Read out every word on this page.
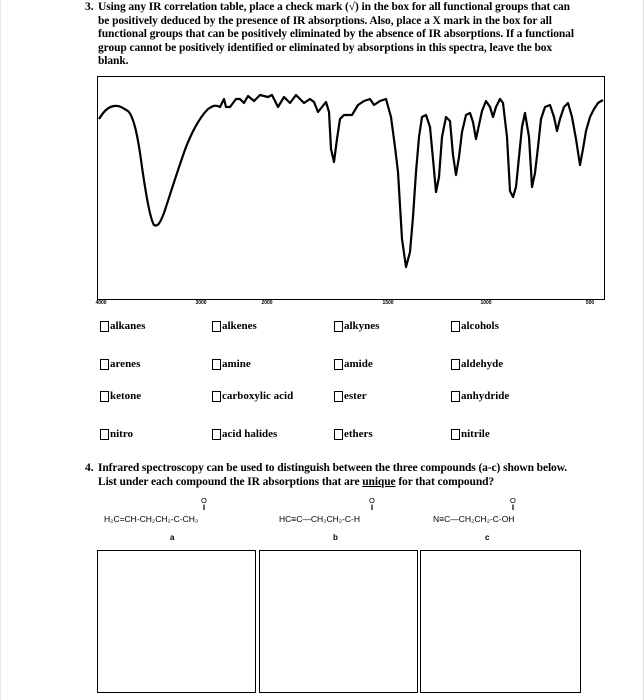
3. Using any IR correlation table, place a check mark (√) in the box for all functional groups that can
be positively deduced by the presence of IR absorptions. Also, place a X mark in the box for all
functional groups that can be positively eliminated by the absence of IR absorptions. If a functional
group cannot be positively identified or eliminated by absorptions in this spectra, leave the box
blank.
4000	3000	2000	1500	1000	500
alkanes	alkenes	alkynes	alcohols
arenes	amine	amide	aldehyde
ketone	carboxylic acid	ester	anhydride
nitro	acid halides	ethers	nitrile
4. Infrared spectroscopy can be used to distinguish between the three compounds (a-c) shown below.
List under each compound the IR absorptions that are unique for that compound?
O
‖
H₂C=CH-CH₂CH₂-C-CH₃
a
O
‖
HC≡C—CH₂CH₂-C-H
b
O
‖
N≡C—CH₂CH₂-C-OH
c
